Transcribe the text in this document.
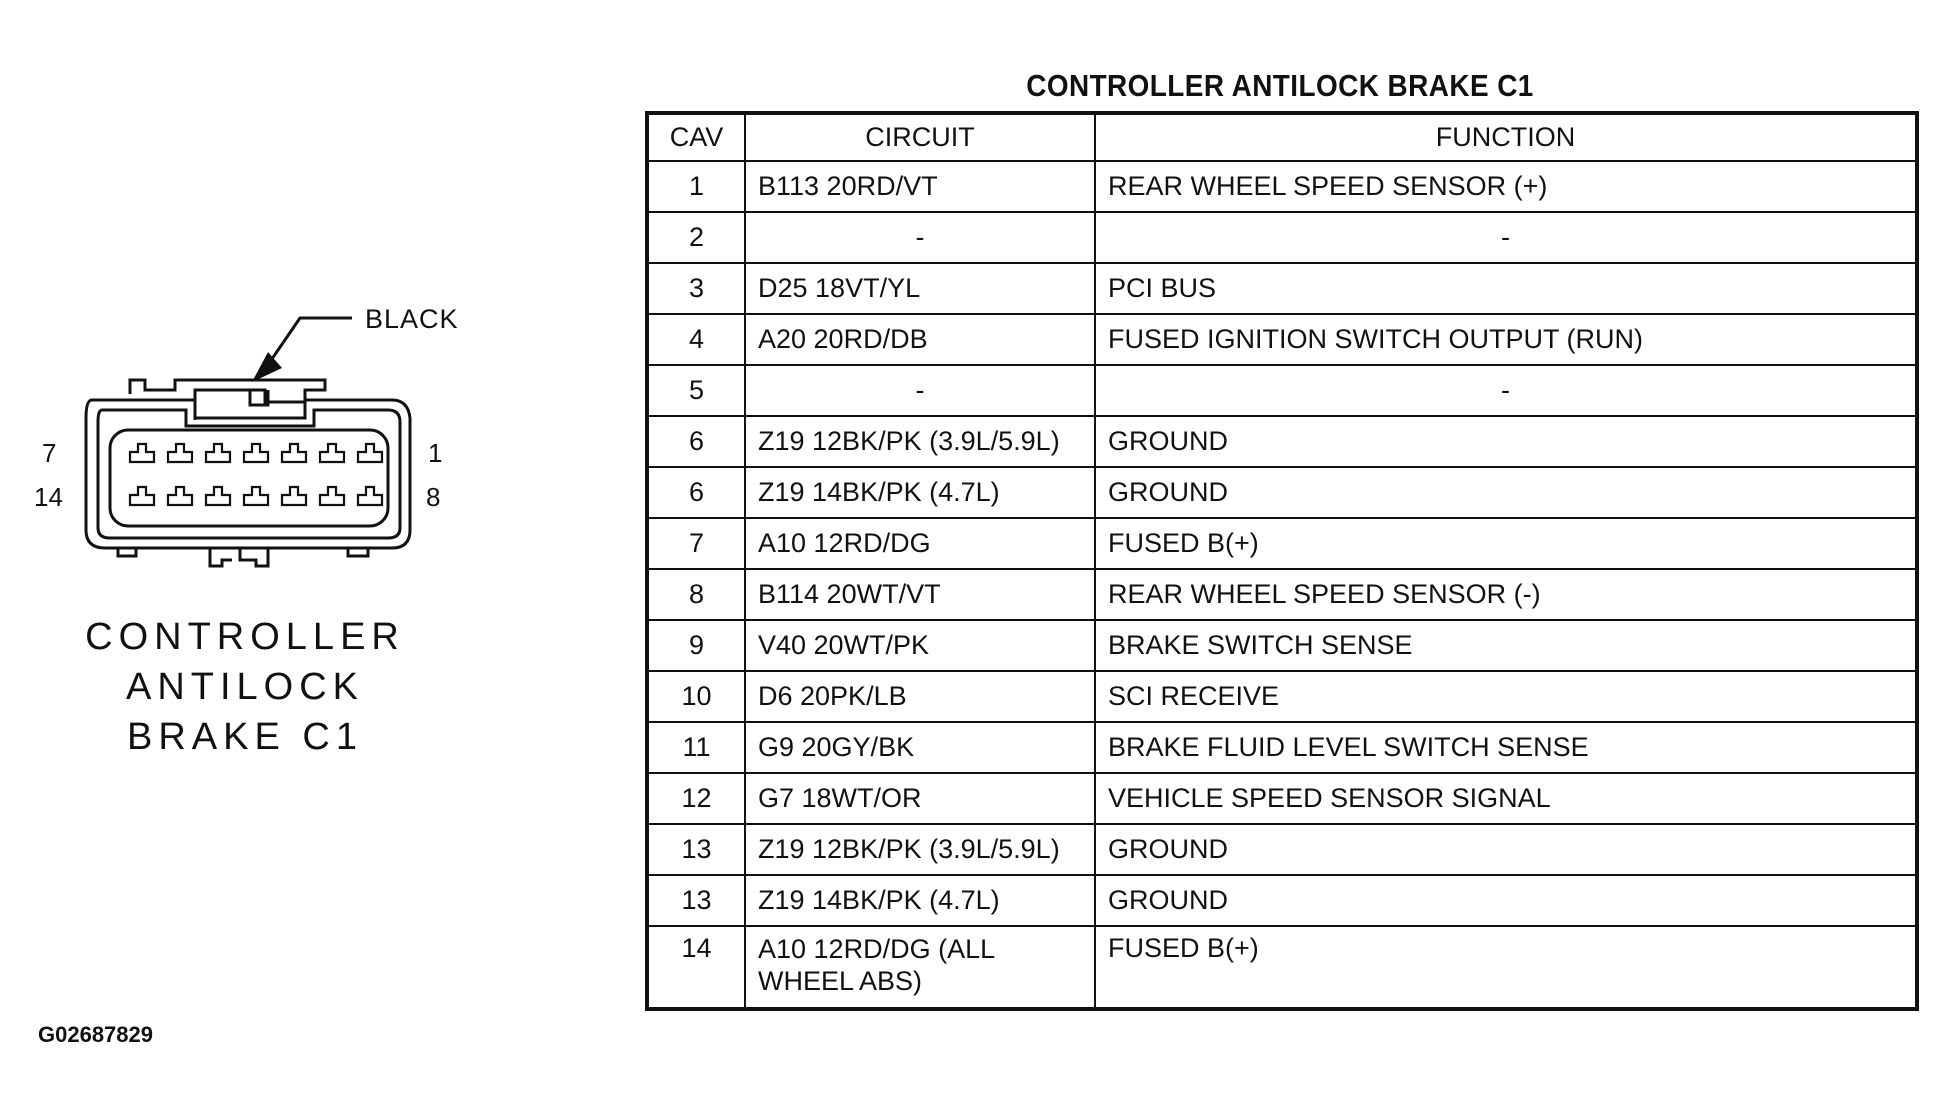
BLACK
7
14
1
8
CONTROLLER
ANTILOCK
BRAKE C1
G02687829
CONTROLLER ANTILOCK BRAKE C1
CAV	CIRCUIT	FUNCTION
1	B113 20RD/VT	REAR WHEEL SPEED SENSOR (+)
2	-	-
3	D25 18VT/YL	PCI BUS
4	A20 20RD/DB	FUSED IGNITION SWITCH OUTPUT (RUN)
5	-	-
6	Z19 12BK/PK (3.9L/5.9L)	GROUND
6	Z19 14BK/PK (4.7L)	GROUND
7	A10 12RD/DG	FUSED B(+)
8	B114 20WT/VT	REAR WHEEL SPEED SENSOR (-)
9	V40 20WT/PK	BRAKE SWITCH SENSE
10	D6 20PK/LB	SCI RECEIVE
11	G9 20GY/BK	BRAKE FLUID LEVEL SWITCH SENSE
12	G7 18WT/OR	VEHICLE SPEED SENSOR SIGNAL
13	Z19 12BK/PK (3.9L/5.9L)	GROUND
13	Z19 14BK/PK (4.7L)	GROUND
14	A10 12RD/DG (ALL WHEEL ABS)	FUSED B(+)
